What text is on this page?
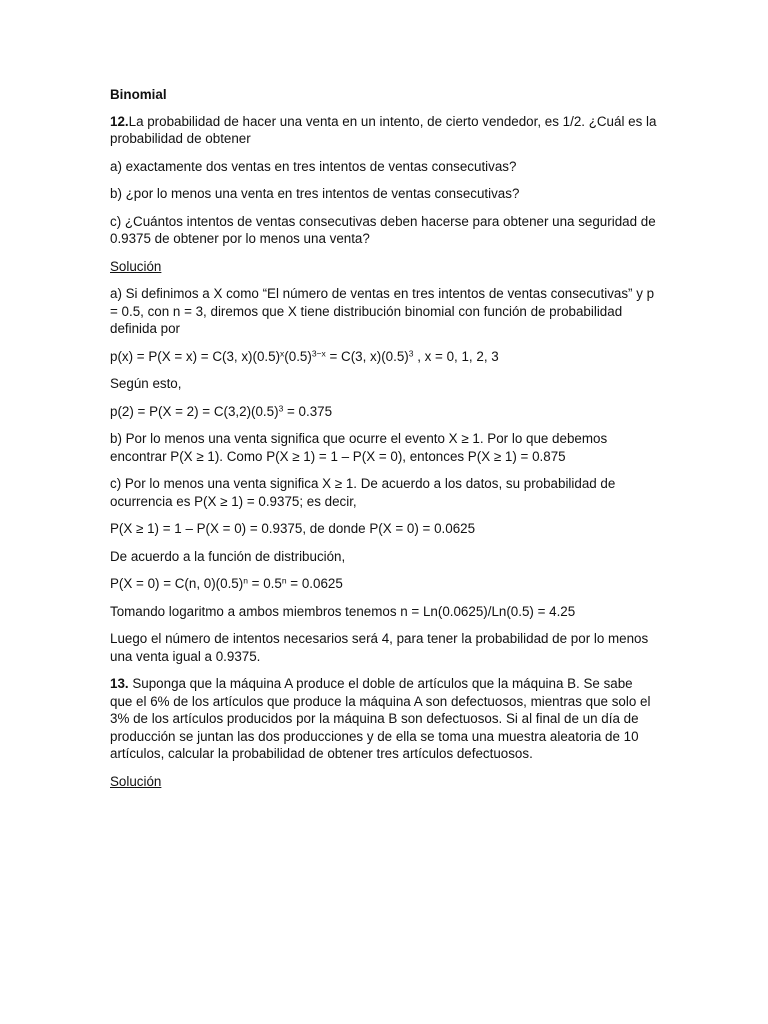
Binomial

12.La probabilidad de hacer una venta en un intento, de cierto vendedor, es 1/2. ¿Cuál es la probabilidad de obtener

a) exactamente dos ventas en tres intentos de ventas consecutivas?

b) ¿por lo menos una venta en tres intentos de ventas consecutivas?

c) ¿Cuántos intentos de ventas consecutivas deben hacerse para obtener una seguridad de 0.9375 de obtener por lo menos una venta?

Solución

a) Si definimos a X como “El número de ventas en tres intentos de ventas consecutivas” y p = 0.5, con n = 3, diremos que X tiene distribución binomial con función de probabilidad definida por

p(x) = P(X = x) = C(3, $x)(0.5)^x(0.5)^{3-x} = C(3$, $x)(0.5)^3$ , x = 0, 1, 2, 3

Según esto,

$p(2) = P(X = 2) = C(3,2)(0.5)^3 = 0.375$

b) Por lo menos una venta significa que ocurre el evento X ≥ 1. Por lo que debemos encontrar P(X ≥ 1). Como P(X ≥ 1) = 1 – P(X = 0), entonces P(X ≥ 1) = 0.875

c) Por lo menos una venta significa X ≥ 1. De acuerdo a los datos, su probabilidad de ocurrencia es P(X ≥ 1) = 0.9375; es decir,

P(X ≥ 1) = 1 – P(X = 0) = 0.9375, de donde P(X = 0) = 0.0625

De acuerdo a la función de distribución,

P(X = 0) = C(n, $0)(0.5)^n = 0.5^n = 0.0625$

Tomando logaritmo a ambos miembros tenemos n = Ln(0.0625)/Ln(0.5) = 4.25

Luego el número de intentos necesarios será 4, para tener la probabilidad de por lo menos una venta igual a 0.9375.

13. Suponga que la máquina A produce el doble de artículos que la máquina B. Se sabe que el 6% de los artículos que produce la máquina A son defectuosos, mientras que solo el 3% de los artículos producidos por la máquina B son defectuosos. Si al final de un día de producción se juntan las dos producciones y de ella se toma una muestra aleatoria de 10 artículos, calcular la probabilidad de obtener tres artículos defectuosos.

Solución
